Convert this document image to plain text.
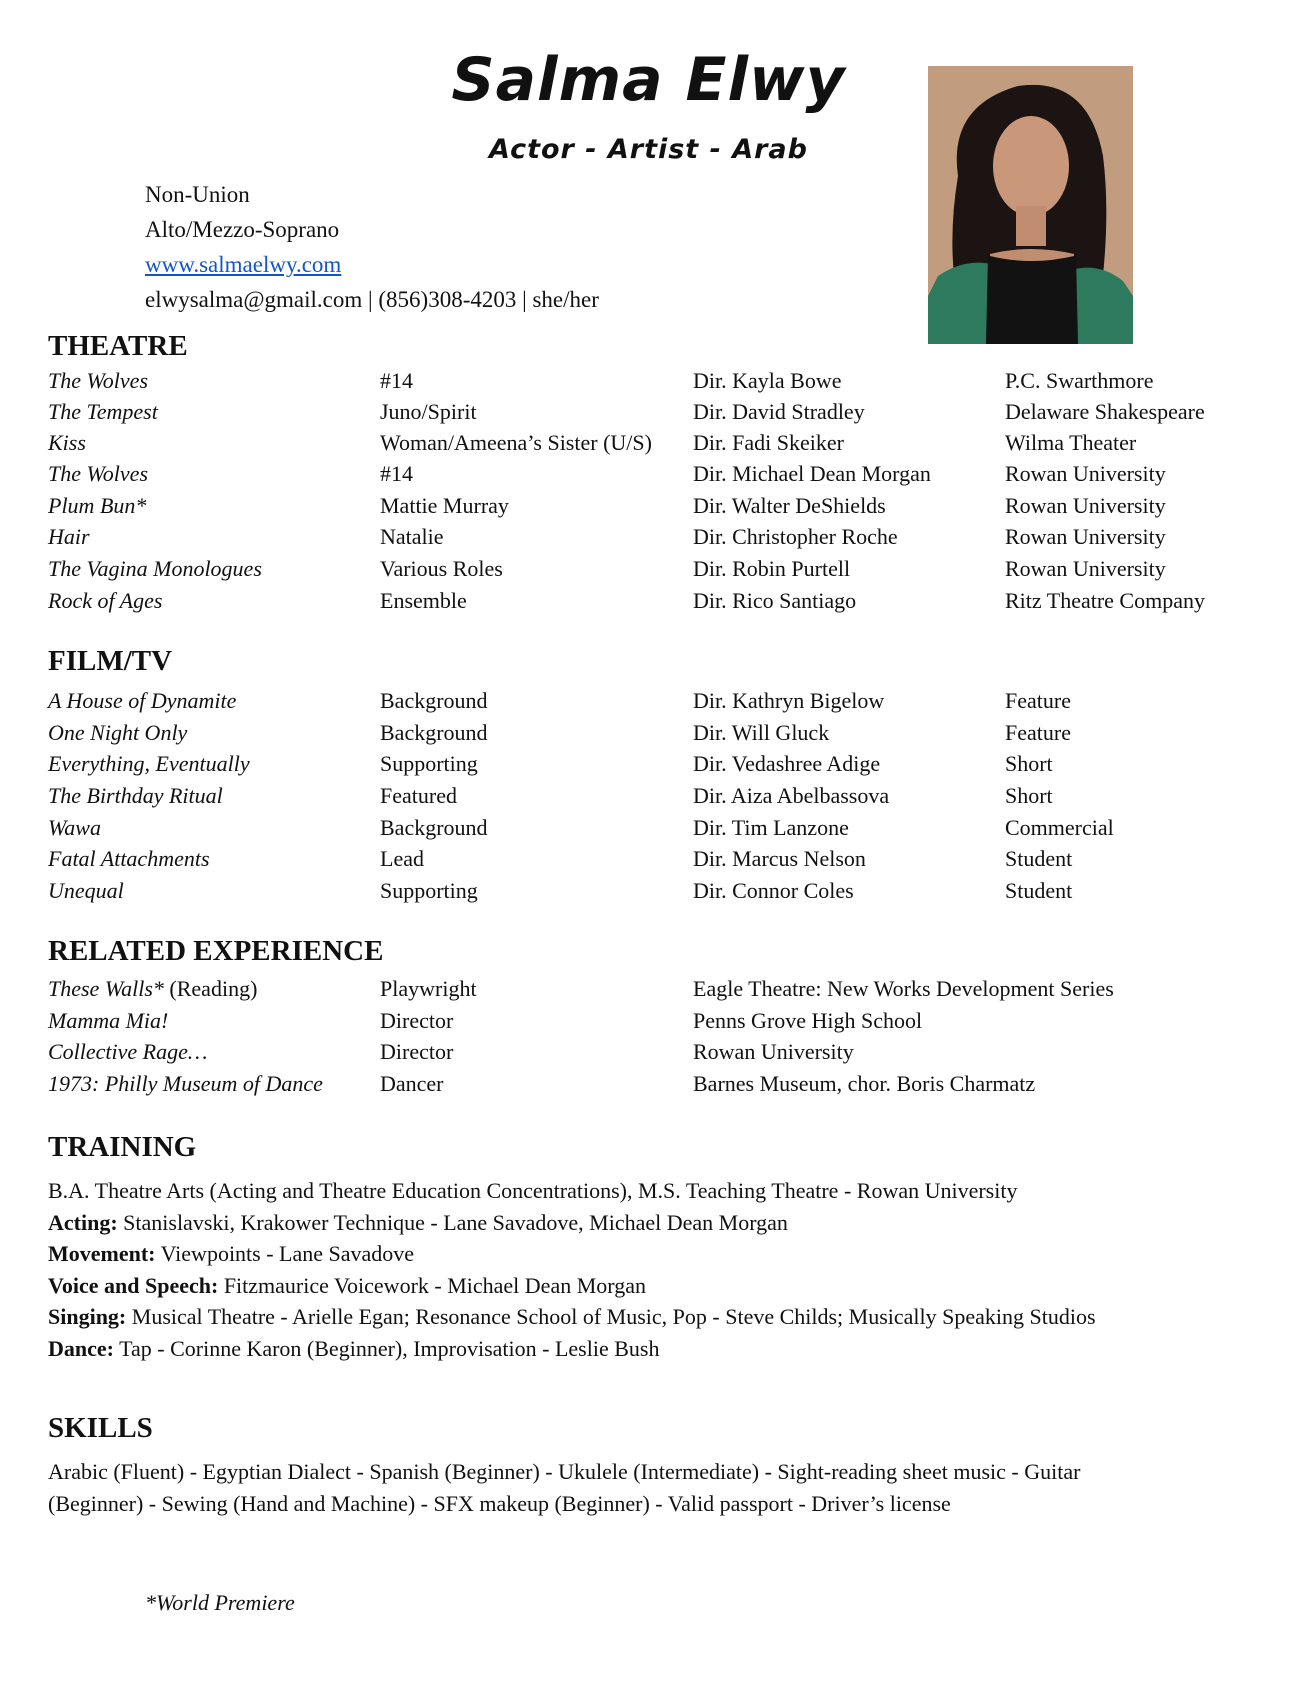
Salma Elwy
Actor - Artist - Arab
Non-Union
Alto/Mezzo-Soprano
www.salmaelwy.com
elwysalma@gmail.com | (856)308-4203 | she/her
THEATRE
The Wolves	#14	Dir. Kayla Bowe	P.C. Swarthmore
The Tempest	Juno/Spirit	Dir. David Stradley	Delaware Shakespeare
Kiss	Woman/Ameena’s Sister (U/S) Dir. Fadi Skeiker	Wilma Theater
The Wolves	#14	Dir. Michael Dean Morgan	Rowan University
Plum Bun*	Mattie Murray	Dir. Walter DeShields	Rowan University
Hair	Natalie	Dir. Christopher Roche	Rowan University
The Vagina Monologues	Various Roles	Dir. Robin Purtell	Rowan University
Rock of Ages	Ensemble	Dir. Rico Santiago	Ritz Theatre Company
FILM/TV
A House of Dynamite	Background	Dir. Kathryn Bigelow	Feature
One Night Only	Background	Dir. Will Gluck	Feature
Everything, Eventually	Supporting	Dir. Vedashree Adige	Short
The Birthday Ritual	Featured	Dir. Aiza Abelbassova	Short
Wawa	Background	Dir. Tim Lanzone	Commercial
Fatal Attachments	Lead	Dir. Marcus Nelson	Student
Unequal	Supporting	Dir. Connor Coles	Student
RELATED EXPERIENCE
These Walls* (Reading)	Playwright	Eagle Theatre: New Works Development Series
Mamma Mia!	Director	Penns Grove High School
Collective Rage…	Director	Rowan University
1973: Philly Museum of Dance	Dancer	Barnes Museum, chor. Boris Charmatz
TRAINING
B.A. Theatre Arts (Acting and Theatre Education Concentrations), M.S. Teaching Theatre - Rowan University
Acting: Stanislavski, Krakower Technique - Lane Savadove, Michael Dean Morgan
Movement: Viewpoints - Lane Savadove
Voice and Speech: Fitzmaurice Voicework - Michael Dean Morgan
Singing: Musical Theatre - Arielle Egan; Resonance School of Music, Pop - Steve Childs; Musically Speaking Studios
Dance: Tap - Corinne Karon (Beginner), Improvisation - Leslie Bush
SKILLS
Arabic (Fluent) - Egyptian Dialect - Spanish (Beginner) - Ukulele (Intermediate) - Sight-reading sheet music - Guitar (Beginner) - Sewing (Hand and Machine) - SFX makeup (Beginner) - Valid passport - Driver’s license
*World Premiere
